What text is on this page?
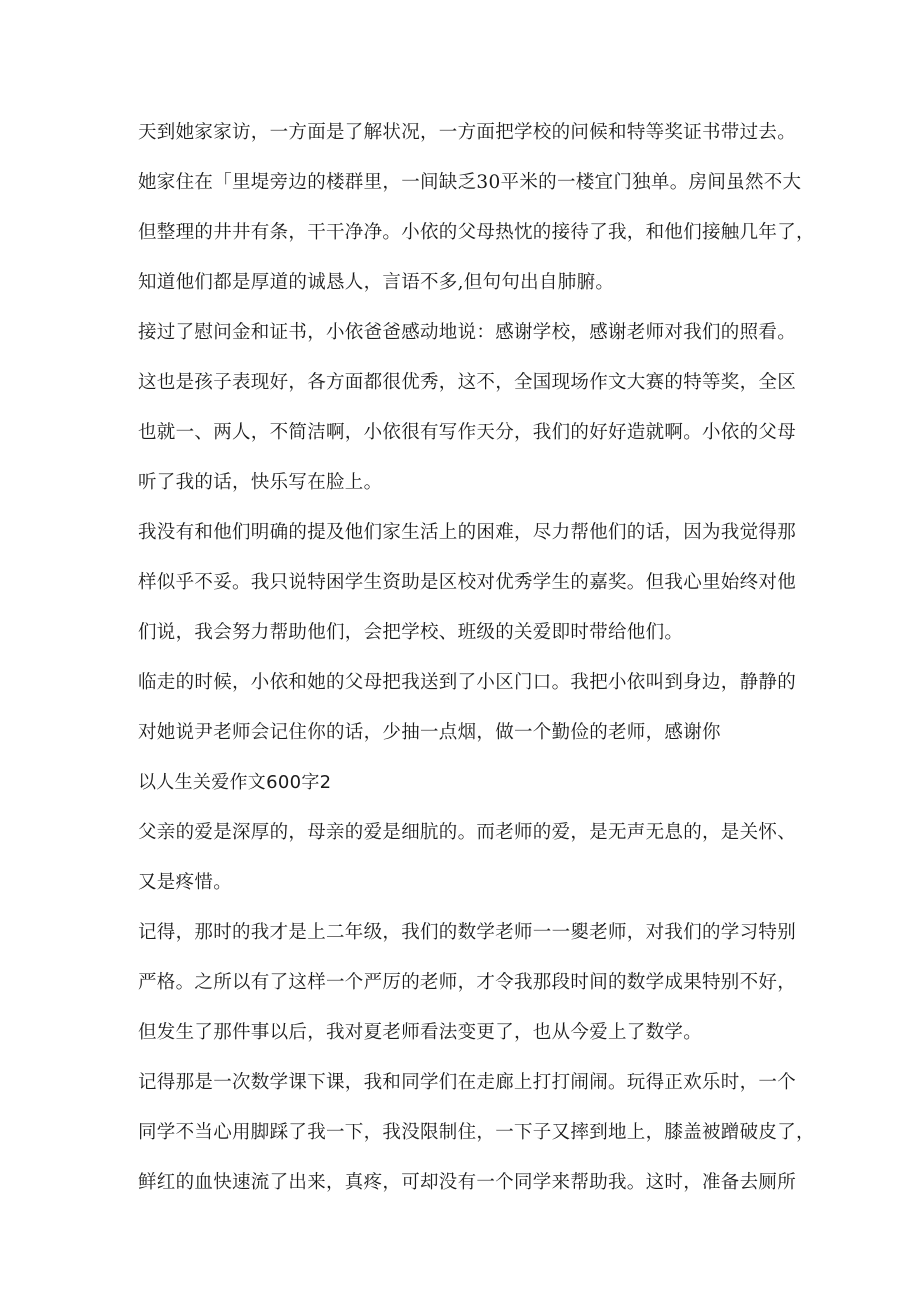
天到她家家访，一方面是了解状况，一方面把学校的问候和特等奖证书带过去。
她家住在「里堤旁边的楼群里，一间缺乏30平米的一楼宜门独单。房间虽然不大
但整理的井井有条，干干净净。小依的父母热忱的接待了我，和他们接触几年了，
知道他们都是厚道的诚恳人，言语不多,但句句出自肺腑。
接过了慰问金和证书，小依爸爸感动地说：感谢学校，感谢老师对我们的照看。
这也是孩子表现好，各方面都很优秀，这不，全国现场作文大赛的特等奖，全区
也就一、两人，不简洁啊，小依很有写作天分，我们的好好造就啊。小依的父母
听了我的话，快乐写在脸上。
我没有和他们明确的提及他们家生活上的困难，尽力帮他们的话，因为我觉得那
样似乎不妥。我只说特困学生资助是区校对优秀学生的嘉奖。但我心里始终对他
们说，我会努力帮助他们，会把学校、班级的关爱即时带给他们。
临走的时候，小依和她的父母把我送到了小区门口。我把小依叫到身边，静静的
对她说尹老师会记住你的话，少抽一点烟，做一个勤俭的老师，感谢你
以人生关爱作文600字2
父亲的爱是深厚的，母亲的爱是细肮的。而老师的爱，是无声无息的，是关怀、
又是疼惜。
记得，那时的我才是上二年级，我们的数学老师一一夓老师，对我们的学习特别
严格。之所以有了这样一个严厉的老师，才令我那段时间的数学成果特别不好，
但发生了那件事以后，我对夏老师看法变更了，也从今爱上了数学。
记得那是一次数学课下课，我和同学们在走廊上打打闹闹。玩得正欢乐时，一个
同学不当心用脚踩了我一下，我没限制住，一下子又摔到地上，膝盖被蹭破皮了，
鲜红的血快速流了出来，真疼，可却没有一个同学来帮助我。这时，准备去厕所
